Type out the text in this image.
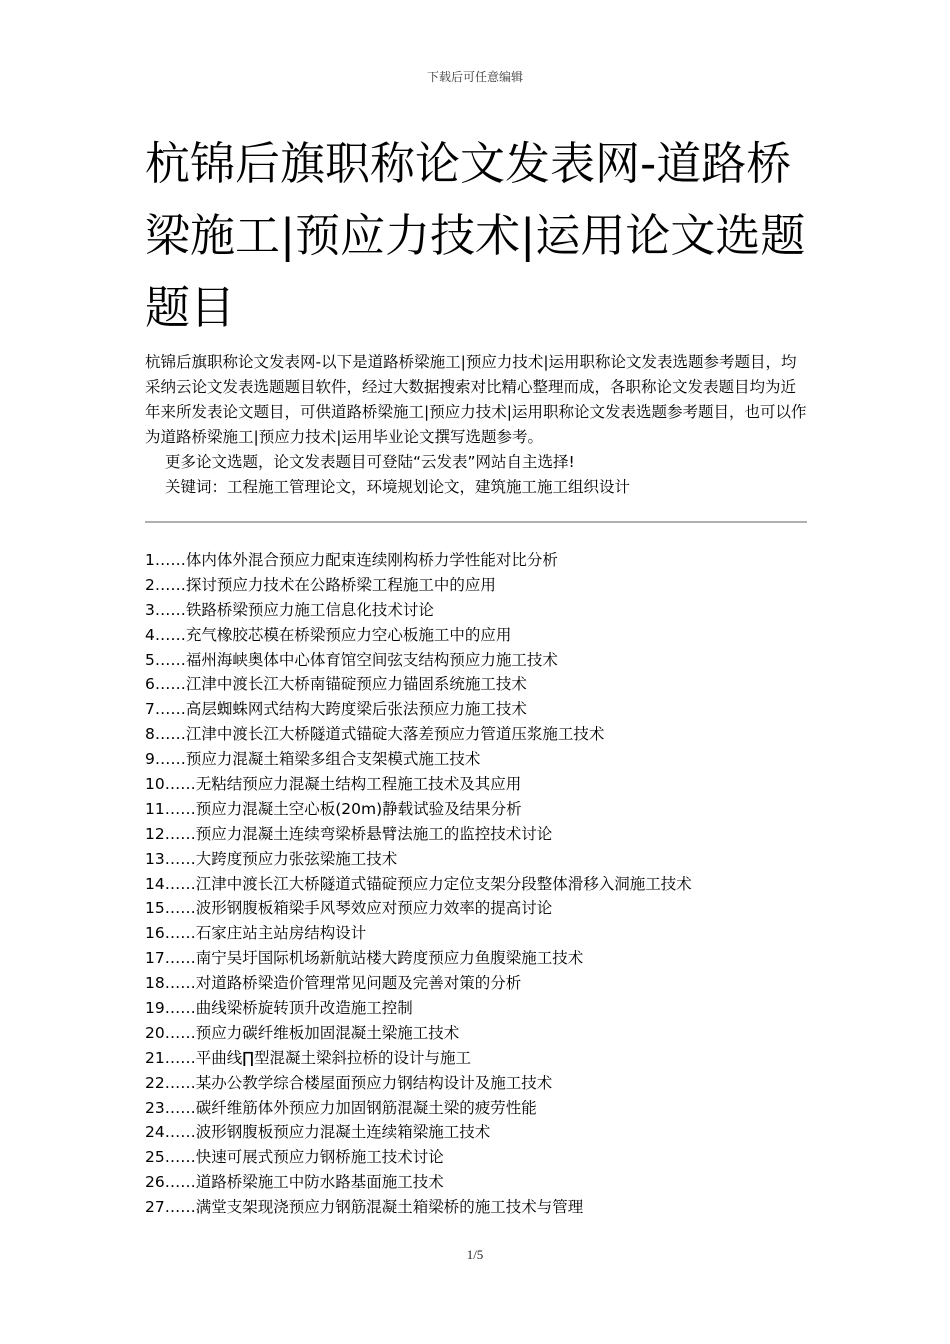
下载后可任意编辑
杭锦后旗职称论文发表网-道路桥梁施工|预应力技术|运用论文选题题目

杭锦后旗职称论文发表网-以下是道路桥梁施工|预应力技术|运用职称论文发表选题参考题目，均采纳云论文发表选题题目软件，经过大数据搜索对比精心整理而成，各职称论文发表题目均为近年来所发表论文题目，可供道路桥梁施工|预应力技术|运用职称论文发表选题参考题目，也可以作为道路桥梁施工|预应力技术|运用毕业论文撰写选题参考。

更多论文选题，论文发表题目可登陆“云发表”网站自主选择!

关键词：工程施工管理论文，环境规划论文，建筑施工施工组织设计

1……体内体外混合预应力配束连续刚构桥力学性能对比分析
2……探讨预应力技术在公路桥梁工程施工中的应用
3……铁路桥梁预应力施工信息化技术讨论
4……充气橡胶芯模在桥梁预应力空心板施工中的应用
5……福州海峡奥体中心体育馆空间弦支结构预应力施工技术
6……江津中渡长江大桥南锚碇预应力锚固系统施工技术
7……高层蜘蛛网式结构大跨度梁后张法预应力施工技术
8……江津中渡长江大桥隧道式锚碇大落差预应力管道压浆施工技术
9……预应力混凝土箱梁多组合支架模式施工技术
10……无粘结预应力混凝土结构工程施工技术及其应用
11……预应力混凝土空心板(20m)静载试验及结果分析
12……预应力混凝土连续弯梁桥悬臂法施工的监控技术讨论
13……大跨度预应力张弦梁施工技术
14……江津中渡长江大桥隧道式锚碇预应力定位支架分段整体滑移入洞施工技术
15……波形钢腹板箱梁手风琴效应对预应力效率的提高讨论
16……石家庄站主站房结构设计
17……南宁吴圩国际机场新航站楼大跨度预应力鱼腹梁施工技术
18……对道路桥梁造价管理常见问题及完善对策的分析
19……曲线梁桥旋转顶升改造施工控制
20……预应力碳纤维板加固混凝土梁施工技术
21……平曲线∏型混凝土梁斜拉桥的设计与施工
22……某办公教学综合楼屋面预应力钢结构设计及施工技术
23……碳纤维筋体外预应力加固钢筋混凝土梁的疲劳性能
24……波形钢腹板预应力混凝土连续箱梁施工技术
25……快速可展式预应力钢桥施工技术讨论
26……道路桥梁施工中防水路基面施工技术
27……满堂支架现浇预应力钢筋混凝土箱梁桥的施工技术与管理
1/5
